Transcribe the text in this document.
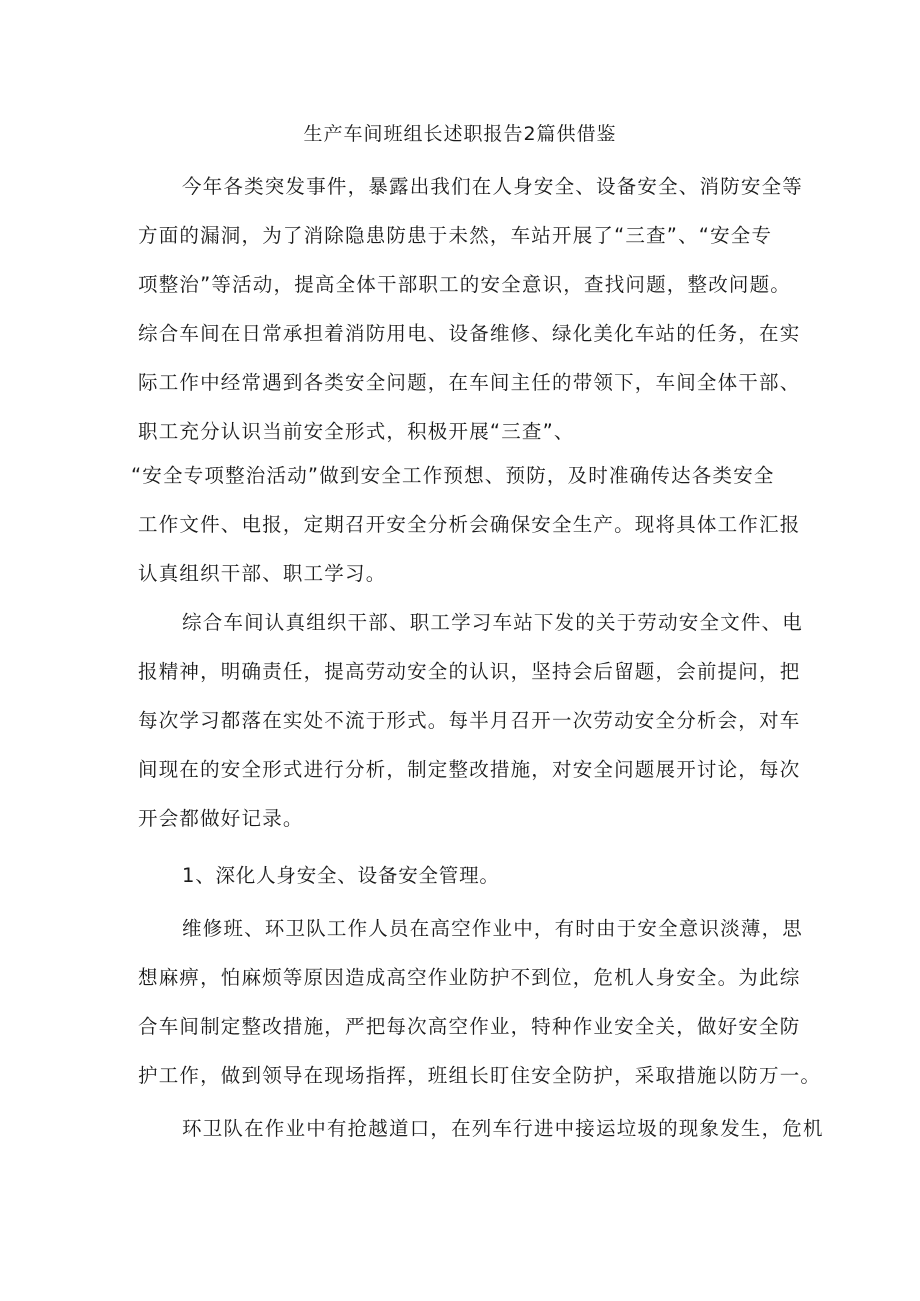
生产车间班组长述职报告2篇供借鉴
今年各类突发事件，暴露出我们在人身安全、设备安全、消防安全等
方面的漏洞，为了消除隐患防患于未然，车站开展了“三查”、“安全专
项整治”等活动，提高全体干部职工的安全意识，查找问题，整改问题。
综合车间在日常承担着消防用电、设备维修、绿化美化车站的任务，在实
际工作中经常遇到各类安全问题，在车间主任的带领下，车间全体干部、
职工充分认识当前安全形式，积极开展“三查”、
“安全专项整治活动”做到安全工作预想、预防，及时准确传达各类安全
工作文件、电报，定期召开安全分析会确保安全生产。现将具体工作汇报
认真组织干部、职工学习。
综合车间认真组织干部、职工学习车站下发的关于劳动安全文件、电
报精神，明确责任，提高劳动安全的认识，坚持会后留题，会前提问，把
每次学习都落在实处不流于形式。每半月召开一次劳动安全分析会，对车
间现在的安全形式进行分析，制定整改措施，对安全问题展开讨论，每次
开会都做好记录。
1、深化人身安全、设备安全管理。
维修班、环卫队工作人员在高空作业中，有时由于安全意识淡薄，思
想麻痹，怕麻烦等原因造成高空作业防护不到位，危机人身安全。为此综
合车间制定整改措施，严把每次高空作业，特种作业安全关，做好安全防
护工作，做到领导在现场指挥，班组长盯住安全防护，采取措施以防万一。
环卫队在作业中有抢越道口，在列车行进中接运垃圾的现象发生，危机
